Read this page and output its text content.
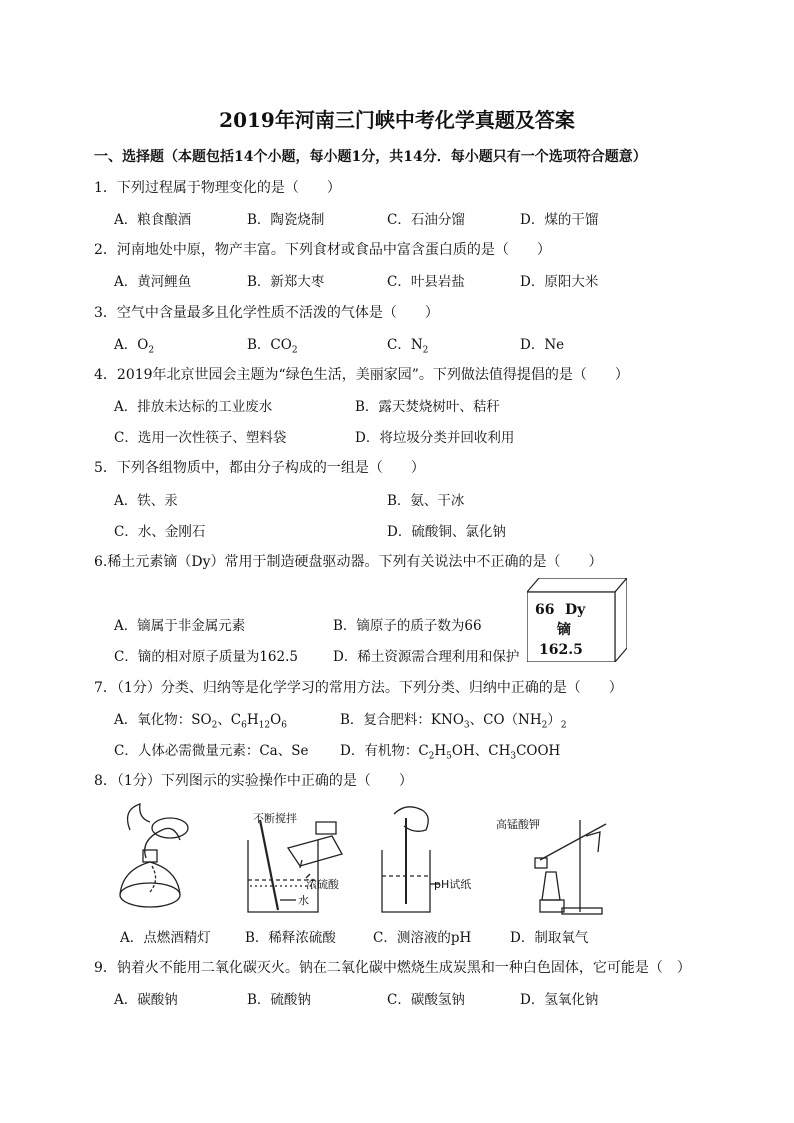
2019年河南三门峡中考化学真题及答案
一、选择题（本题包括14个小题，每小题1分，共14分．每小题只有一个选项符合题意）
1．下列过程属于物理变化的是（　　）
A．粮食酿酒	B．陶瓷烧制	C．石油分馏	D．煤的干馏
2．河南地处中原，物产丰富。下列食材或食品中富含蛋白质的是（　　）
A．黄河鲤鱼	B．新郑大枣	C．叶县岩盐	D．原阳大米
3．空气中含量最多且化学性质不活泼的气体是（　　）
A．$O_2$	B．$CO_2$	C．$N_2$	D．Ne
4．2019年北京世园会主题为“绿色生活，美丽家园”。下列做法值得提倡的是（　　）
A．排放未达标的工业废水	B．露天焚烧树叶、秸秆
C．选用一次性筷子、塑料袋	D．将垃圾分类并回收利用
5．下列各组物质中，都由分子构成的一组是（　　）
A．铁、汞	B．氨、干冰
C．水、金刚石	D．硫酸铜、氯化钠
6.稀土元素镝（Dy）常用于制造硬盘驱动器。下列有关说法中不正确的是（　　）
A．镝属于非金属元素	B．镝原子的质子数为66
C．镝的相对原子质量为162.5	D．稀土资源需合理利用和保护
66 Dy
镝
162.5
7．（1分）分类、归纳等是化学学习的常用方法。下列分类、归纳中正确的是（　　）
A．氧化物：$SO_2$、$C_6H_{12}O_6$	B．复合肥料：$KNO_3$、$CO(NH_2)_2$
C．人体必需微量元素：Ca、Se D．有机物：$C_2H_5OH$、$CH_3COOH$
8．（1分）下列图示的实验操作中正确的是（　　）
不断搅拌
浓硫酸
水
pH试纸
高锰酸钾
A．点燃酒精灯	B．稀释浓硫酸	C．测溶液的pH	D．制取氧气
9．钠着火不能用二氧化碳灭火。钠在二氧化碳中燃烧生成炭黑和一种白色固体，它可能是（　）
A．碳酸钠	B．硫酸钠	C．碳酸氢钠	D．氢氧化钠
